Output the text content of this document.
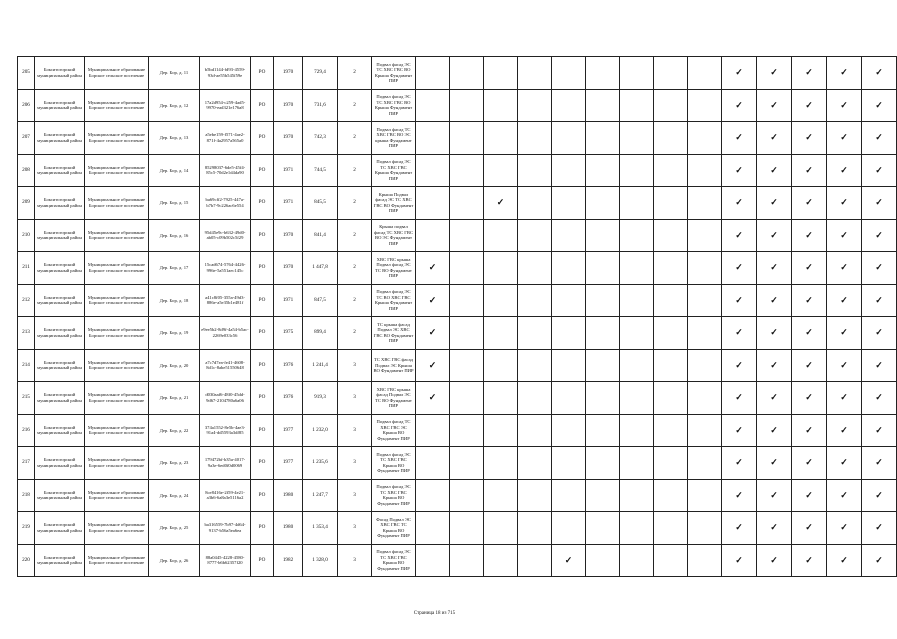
205	Бокситогорский муниципальный район	Муниципальное образование Борское сельское поселение	Дер. Бор, д. 11	b5bd1144-fd93-4559-93d-ae55b545f59e	РО	1970	729,4	2	Подвал фасад ЭС ТС ХВС ГВС ВО Крыша Фундамент ПИР										✓	✓	✓	✓	✓
206	Бокситогорский муниципальный район	Муниципальное образование Борское сельское поселение	Дер. Бор, д. 12	17a2d954-c259-4ad5-9970-ead321e176a8	РО	1970	731,6	2	Подвал фасад ЭС ТС ХВС ГВС ВО Крыша Фундамент ПИР										✓	✓	✓	✓	✓
207	Бокситогорский муниципальный район	Муниципальное образование Борское сельское поселение	Дер. Бор, д. 13	a5ebe159-f571-4ae2-871f-4a2957a565a0	РО	1970	742,3	2	Подвал фасад ТС ХВС ГВС ВО ЭС крыша Фундамент ПИР										✓	✓	✓	✓	✓
208	Бокситогорский муниципальный район	Муниципальное образование Борское сельское поселение	Дер. Бор, д. 14	85298037-6de5-45f4-85c5-70d2e1d4da90	РО	1971	744,5	2	Подвал фасад ЭС ТС ХВС ГВС Крыша Фундамент ПИР										✓	✓	✓	✓	✓
209	Бокситогорский муниципальный район	Муниципальное образование Борское сельское поселение	Дер. Бор, д. 15	ba69cff2-7925-447a-b7b7-9c226ac6e554	РО	1971	845,5	2	Крыша Подвал фасад ЭС ТС ХВС ГВС ВО Фундамент ПИР			✓							✓	✓	✓	✓	✓
210	Бокситогорский муниципальный район	Муниципальное образование Борское сельское поселение	Дер. Бор, д. 16	95d45e9c-b632-49d0-ab05-c09b502c5f29	РО	1970	841,4	2	Крыша подвал фасад ТС ХВС ГВС ВО ЭС Фундамент ПИР										✓	✓	✓	✓	✓
211	Бокситогорский муниципальный район	Муниципальное образование Борское сельское поселение	Дер. Бор, д. 17	15cad674-5764-4426-996e-5a551aec145c	РО	1970	1 447,8	2	ХВС ГВС крыша Подвал фасад ЭС ТС ВО Фундамент ПИР	✓									✓	✓	✓	✓	✓
212	Бокситогорский муниципальный район	Муниципальное образование Борское сельское поселение	Дер. Бор, д. 18	a41c8f05-355a-49d3-886e-a5e35b1e481f	РО	1971	847,5	2	Подвал фасад ЭС ТС ВО ХВС ГВС Крыша Фундамент ПИР	✓									✓	✓	✓	✓	✓
213	Бокситогорский муниципальный район	Муниципальное образование Борское сельское поселение	Дер. Бор, д. 19	e9ee5b2-8d9f-4a54-b5ac-2269e033c56	РО	1975	899,4	2	ТС крыша фасад Подвал ЭС ХВС ГВС ВО Фундамент ПИР	✓									✓	✓	✓	✓	✓
214	Бокситогорский муниципальный район	Муниципальное образование Борское сельское поселение	Дер. Бор, д. 20	a7c7d7ea-fe41-4608-8d1c-8abe51550648	РО	1976	1 241,4	3	ТС ХВС ГВС фасад Подвал ЭС Крыша ВО Фундамент ПИР	✓									✓	✓	✓	✓	✓
215	Бокситогорский муниципальный район	Муниципальное образование Борское сельское поселение	Дер. Бор, д. 21	d030aaf6-48f0-45dd-9d67-2104780a6a06	РО	1976	919,3	3	ХВС ГВС крыша фасад Подвал ЭС ТС ВО Фундамент ПИР	✓									✓	✓	✓	✓	✓
216	Бокситогорский муниципальный район	Муниципальное образование Борское сельское поселение	Дер. Бор, д. 22	374a1552-8e5b-4ae3-91a4-dd5593a3df85	РО	1977	1 232,0	3	Подвал фасад ТС ХВС ГВС ЭС Крыша ВО Фундамент ПИР										✓	✓	✓	✓	✓
217	Бокситогорский муниципальный район	Муниципальное образование Борское сельское поселение	Дер. Бор, д. 23	179472bf-b35a-4017-9a3e-6ed0f0d0069	РО	1977	1 235,6	3	Подвал фасад ЭС ТС ХВС ГВС Крыша ВО Фундамент ПИР										✓	✓	✓	✓	✓
218	Бокситогорский муниципальный район	Муниципальное образование Борское сельское поселение	Дер. Бор, д. 24	8ce8416e-2f59-4e21-a3b6-6a8a3e5116a2	РО	1980	1 247,7	3	Подвал фасад ЭС ТС ХВС ГВС Крыша ВО Фундамент ПИР										✓	✓	✓	✓	✓
219	Бокситогорский муниципальный район	Муниципальное образование Борское сельское поселение	Дер. Бор, д. 25	ba316559-7b97-4d64-9137-b56a5ea6ea	РО	1980	1 353,4	3	Фасад Подвал ЭС ХВС ГВС ТС Крыша ВО Фундамент ПИР										✓	✓	✓	✓	✓
220	Бокситогорский муниципальный район	Муниципальное образование Борское сельское поселение	Дер. Бор, д. 26	88a0445-4228-4580-8777-b6b62357f20	РО	1982	1 328,0	3	Подвал фасад ЭС ТС ХВС ГВС Крыша ВО Фундамент ПИР					✓					✓	✓	✓	✓	✓
Страница 18 из 715
